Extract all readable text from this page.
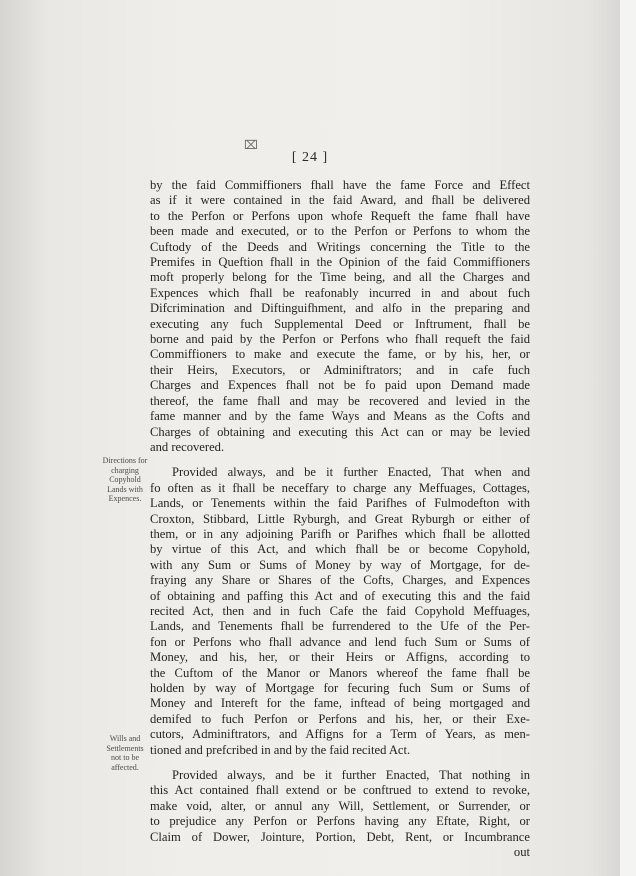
⌧
[ 24 ]
Directions for
charging
Copyhold
Lands with
Expences.
Wills and
Settlements
not to be
affected.
by the faid Commiffioners fhall have the fame Force and Effect
as if it were contained in the faid Award, and fhall be delivered
to the Perfon or Perfons upon whofe Requeft the fame fhall have
been made and executed, or to the Perfon or Perfons to whom the
Cuftody of the Deeds and Writings concerning the Title to the
Premifes in Queftion fhall in the Opinion of the faid Commiffioners
moft properly belong for the Time being, and all the Charges and
Expences which fhall be reafonably incurred in and about fuch
Difcrimination and Diftinguifhment, and alfo in the preparing and
executing any fuch Supplemental Deed or Inftrument, fhall be
borne and paid by the Perfon or Perfons who fhall requeft the faid
Commiffioners to make and execute the fame, or by his, her, or
their Heirs, Executors, or Adminiftrators; and in cafe fuch
Charges and Expences fhall not be fo paid upon Demand made
thereof, the fame fhall and may be recovered and levied in the
fame manner and by the fame Ways and Means as the Cofts and
Charges of obtaining and executing this Act can or may be levied
and recovered.
Provided always, and be it further Enacted, That when and
fo often as it fhall be neceffary to charge any Meffuages, Cottages,
Lands, or Tenements within the faid Parifhes of Fulmodefton with
Croxton, Stibbard, Little Ryburgh, and Great Ryburgh or either of
them, or in any adjoining Parifh or Parifhes which fhall be allotted
by virtue of this Act, and which fhall be or become Copyhold,
with any Sum or Sums of Money by way of Mortgage, for de-
fraying any Share or Shares of the Cofts, Charges, and Expences
of obtaining and paffing this Act and of executing this and the faid
recited Act, then and in fuch Cafe the faid Copyhold Meffuages,
Lands, and Tenements fhall be furrendered to the Ufe of the Per-
fon or Perfons who fhall advance and lend fuch Sum or Sums of
Money, and his, her, or their Heirs or Affigns, according to
the Cuftom of the Manor or Manors whereof the fame fhall be
holden by way of Mortgage for fecuring fuch Sum or Sums of
Money and Intereft for the fame, inftead of being mortgaged and
demifed to fuch Perfon or Perfons and his, her, or their Exe-
cutors, Adminiftrators, and Affigns for a Term of Years, as men-
tioned and prefcribed in and by the faid recited Act.
Provided always, and be it further Enacted, That nothing in
this Act contained fhall extend or be conftrued to extend to revoke,
make void, alter, or annul any Will, Settlement, or Surrender, or
to prejudice any Perfon or Perfons having any Eftate, Right, or
Claim of Dower, Jointure, Portion, Debt, Rent, or Incumbrance
out
